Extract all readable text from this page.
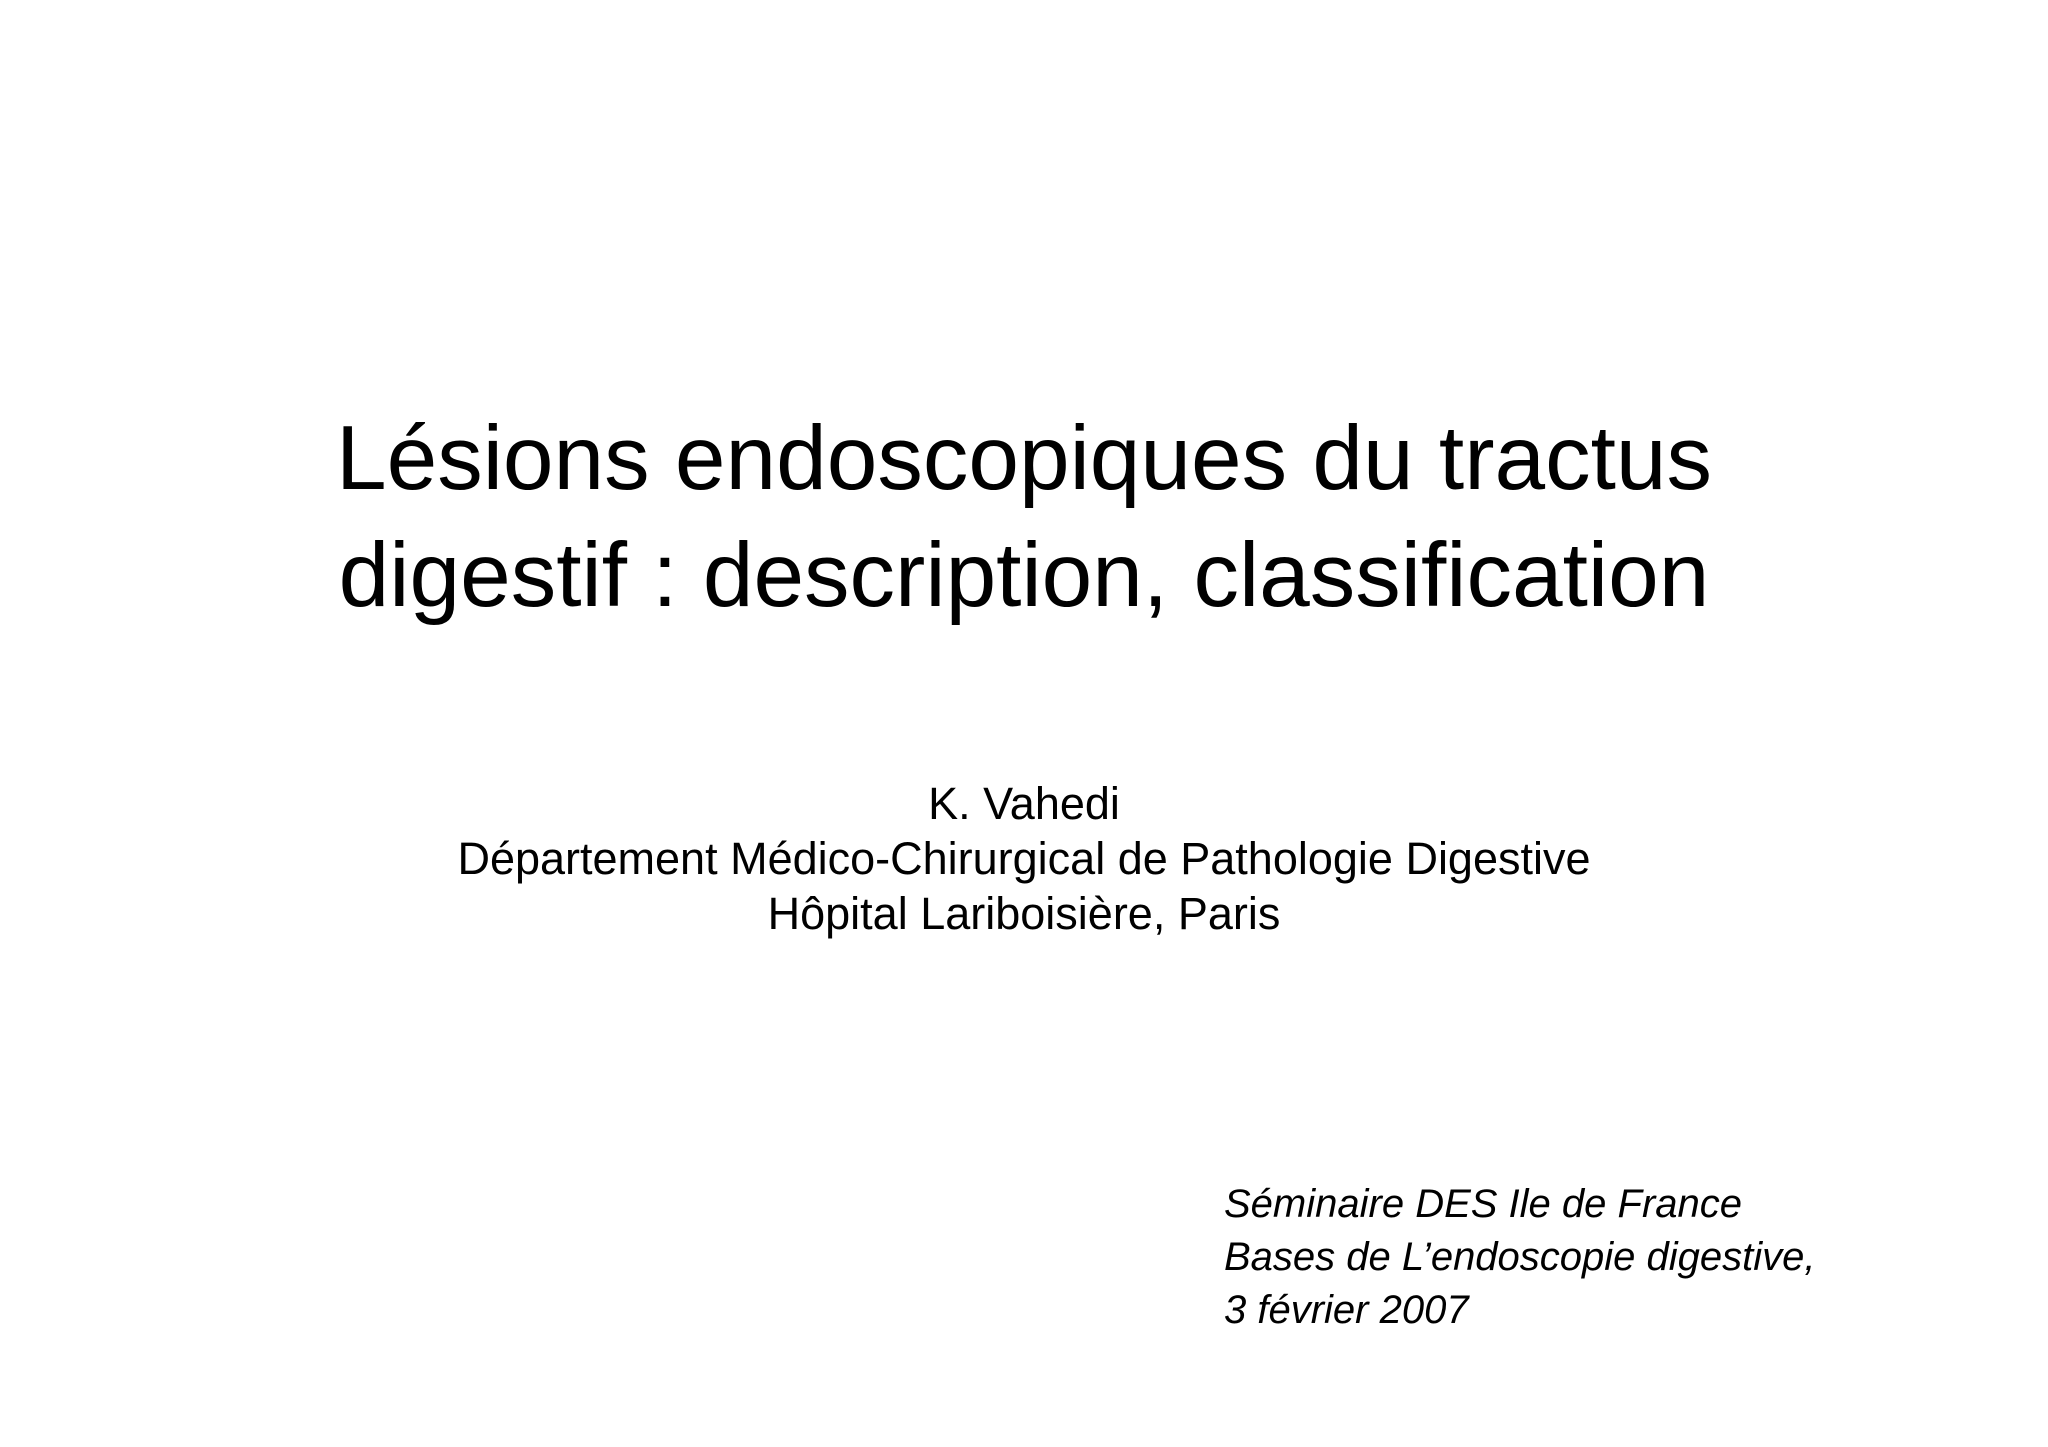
Lésions endoscopiques du tractus
digestif : description, classification
K. Vahedi
Département Médico-Chirurgical de Pathologie Digestive
Hôpital Lariboisière, Paris
Séminaire DES Ile de France
Bases de L’endoscopie digestive,
3 février 2007
